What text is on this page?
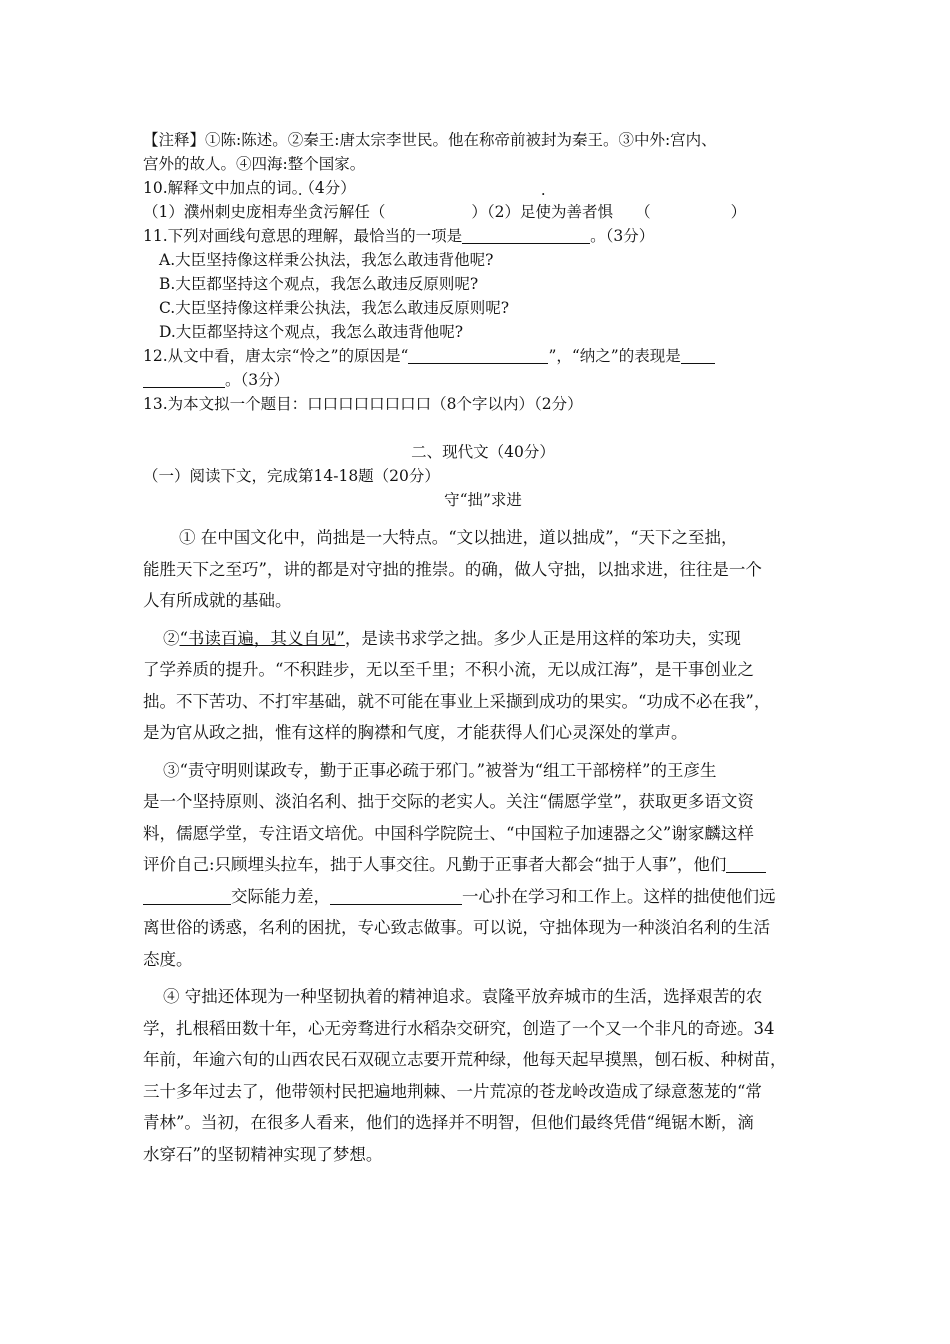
【注释】①陈:陈述。②秦王:唐太宗李世民。他在称帝前被封为秦王。③中外:宫内、
宫外的故人。④四海:整个国家。
10.解释文中加点的词。（4分）
（1）濮州刺史庞相寿坐贪污解任（	）（2）足使为善者惧 （	）
11.下列对画线句意思的理解，最恰当的一项是	。（3分）
A.大臣坚持像这样秉公执法，我怎么敢违背他呢?
B.大臣都坚持这个观点，我怎么敢违反原则呢?
C.大臣坚持像这样秉公执法，我怎么敢违反原则呢?
D.大臣都坚持这个观点，我怎么敢违背他呢?
12.从文中看，唐太宗“怜之”的原因是“	”，“纳之”的表现是
。（3分）
13.为本文拟一个题目：口口口口口口口口（8个字以内）（2分）
二、现代文（40分）
（一）阅读下文，完成第14-18题（20分）
守“拙”求进
① 在中国文化中，尚拙是一大特点。“文以拙进，道以拙成”，“天下之至拙，
能胜天下之至巧”，讲的都是对守拙的推崇。的确，做人守拙，以拙求进，往往是一个
人有所成就的基础。
②“书读百遍，其义自见”，是读书求学之拙。多少人正是用这样的笨功夫，实现
了学养质的提升。“不积跬步，无以至千里；不积小流，无以成江海”，是干事创业之
拙。不下苦功、不打牢基础，就不可能在事业上采撷到成功的果实。“功成不必在我”，
是为官从政之拙，惟有这样的胸襟和气度，才能获得人们心灵深处的掌声。
③“责守明则谋政专，勤于正事必疏于邪门。”被誉为“组工干部榜样”的王彦生
是一个坚持原则、淡泊名利、拙于交际的老实人。关注“儒愿学堂”，获取更多语文资
料，儒愿学堂，专注语文培优。中国科学院院士、“中国粒子加速器之父”谢家麟这样
评价自己:只顾埋头拉车，拙于人事交往。凡勤于正事者大都会“拙于人事”，他们
交际能力差，	一心扑在学习和工作上。这样的拙使他们远
离世俗的诱惑，名利的困扰，专心致志做事。可以说，守拙体现为一种淡泊名利的生活
态度。
④ 守拙还体现为一种坚韧执着的精神追求。袁隆平放弃城市的生活，选择艰苦的农
学，扎根稻田数十年，心无旁骛进行水稻杂交研究，创造了一个又一个非凡的奇迹。34
年前，年逾六旬的山西农民石双砚立志要开荒种绿，他每天起早摸黑，刨石板、种树苗，
三十多年过去了，他带领村民把遍地荆棘、一片荒凉的苍龙岭改造成了绿意葱茏的“常
青林”。当初，在很多人看来，他们的选择并不明智，但他们最终凭借“绳锯木断，滴
水穿石”的坚韧精神实现了梦想。
